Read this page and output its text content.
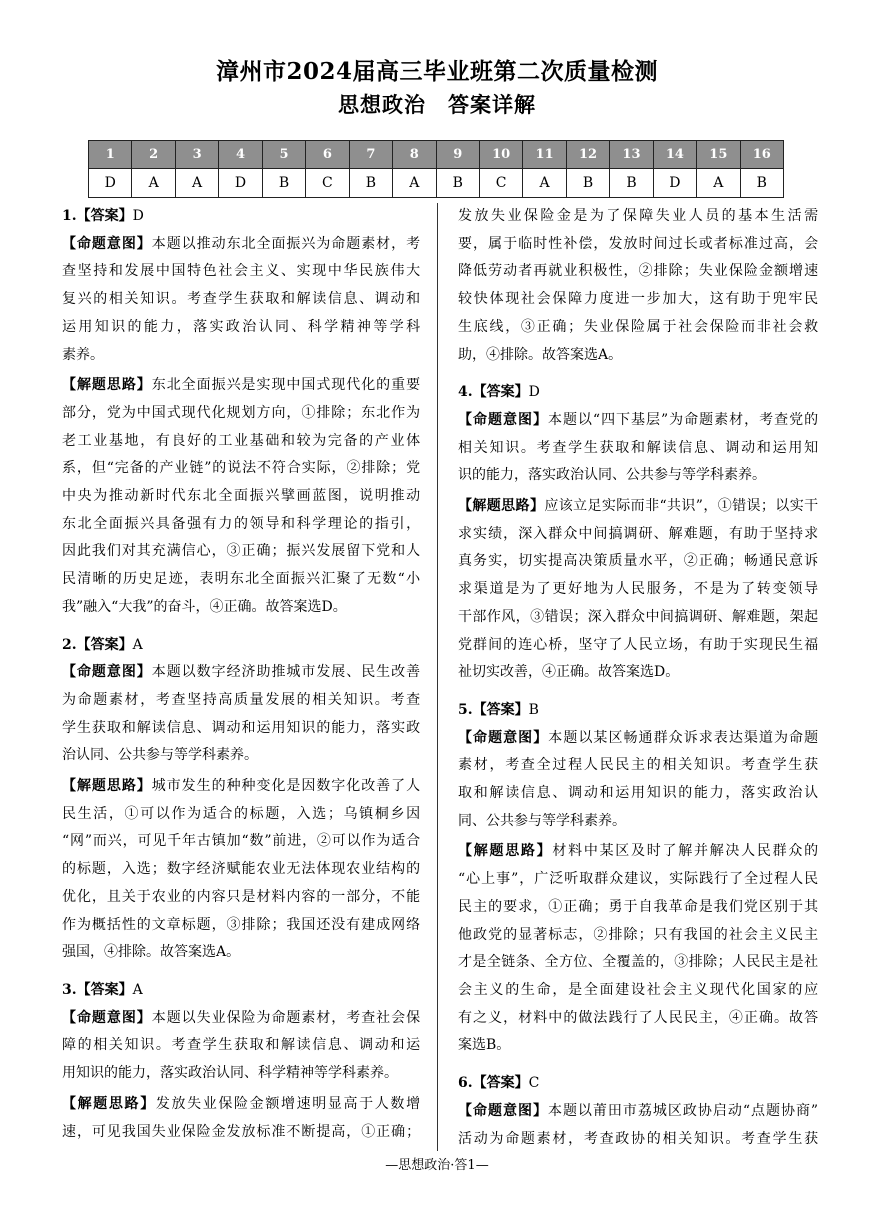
漳州市2024届高三毕业班第二次质量检测
思想政治　答案详解
1	2	3	4	5	6	7	8	9	10	11	12	13	14	15	16
D	A	A	D	B	C	B	A	B	C	A	B	B	D	A	B
1.【答案】D
【命题意图】本题以推动东北全面振兴为命题素材，考
查坚持和发展中国特色社会主义、实现中华民族伟大
复兴的相关知识。考查学生获取和解读信息、调动和
运用知识的能力，落实政治认同、科学精神等学科
素养。
【解题思路】东北全面振兴是实现中国式现代化的重要
部分，党为中国式现代化规划方向，①排除；东北作为
老工业基地，有良好的工业基础和较为完备的产业体
系，但“完备的产业链”的说法不符合实际，②排除；党
中央为推动新时代东北全面振兴擘画蓝图，说明推动
东北全面振兴具备强有力的领导和科学理论的指引，
因此我们对其充满信心，③正确；振兴发展留下党和人
民清晰的历史足迹，表明东北全面振兴汇聚了无数“小
我”融入“大我”的奋斗，④正确。故答案选D。
2.【答案】A
【命题意图】本题以数字经济助推城市发展、民生改善
为命题素材，考查坚持高质量发展的相关知识。考查
学生获取和解读信息、调动和运用知识的能力，落实政
治认同、公共参与等学科素养。
【解题思路】城市发生的种种变化是因数字化改善了人
民生活，①可以作为适合的标题，入选；乌镇桐乡因
“网”而兴，可见千年古镇加“数”前进，②可以作为适合
的标题，入选；数字经济赋能农业无法体现农业结构的
优化，且关于农业的内容只是材料内容的一部分，不能
作为概括性的文章标题，③排除；我国还没有建成网络
强国，④排除。故答案选A。
3.【答案】A
【命题意图】本题以失业保险为命题素材，考查社会保
障的相关知识。考查学生获取和解读信息、调动和运
用知识的能力，落实政治认同、科学精神等学科素养。
【解题思路】发放失业保险金额增速明显高于人数增
速，可见我国失业保险金发放标准不断提高，①正确；
发放失业保险金是为了保障失业人员的基本生活需
要，属于临时性补偿，发放时间过长或者标准过高，会
降低劳动者再就业积极性，②排除；失业保险金额增速
较快体现社会保障力度进一步加大，这有助于兜牢民
生底线，③正确；失业保险属于社会保险而非社会救
助，④排除。故答案选A。
4.【答案】D
【命题意图】本题以“四下基层”为命题素材，考查党的
相关知识。考查学生获取和解读信息、调动和运用知
识的能力，落实政治认同、公共参与等学科素养。
【解题思路】应该立足实际而非“共识”，①错误；以实干
求实绩，深入群众中间搞调研、解难题，有助于坚持求
真务实，切实提高决策质量水平，②正确；畅通民意诉
求渠道是为了更好地为人民服务，不是为了转变领导
干部作风，③错误；深入群众中间搞调研、解难题，架起
党群间的连心桥，坚守了人民立场，有助于实现民生福
祉切实改善，④正确。故答案选D。
5.【答案】B
【命题意图】本题以某区畅通群众诉求表达渠道为命题
素材，考查全过程人民民主的相关知识。考查学生获
取和解读信息、调动和运用知识的能力，落实政治认
同、公共参与等学科素养。
【解题思路】材料中某区及时了解并解决人民群众的
“心上事”，广泛听取群众建议，实际践行了全过程人民
民主的要求，①正确；勇于自我革命是我们党区别于其
他政党的显著标志，②排除；只有我国的社会主义民主
才是全链条、全方位、全覆盖的，③排除；人民民主是社
会主义的生命，是全面建设社会主义现代化国家的应
有之义，材料中的做法践行了人民民主，④正确。故答
案选B。
6.【答案】C
【命题意图】本题以莆田市荔城区政协启动“点题协商”
活动为命题素材，考查政协的相关知识。考查学生获
—思想政治·答1—
